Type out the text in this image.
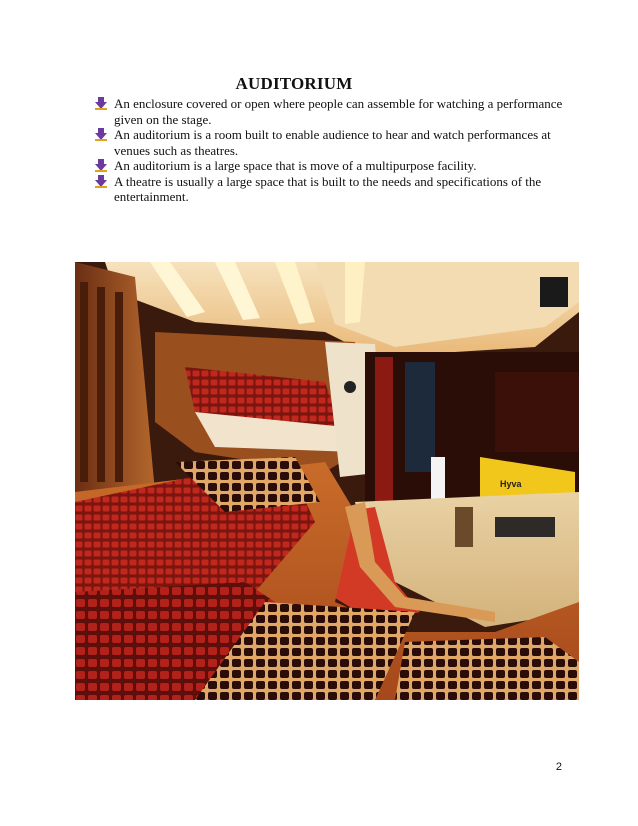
AUDITORIUM
An enclosure covered or open where people can assemble for watching a performance given on the stage.
An auditorium is a room built to enable audience to hear and watch performances at venues such as theatres.
An auditorium is a large space that is move of a multipurpose facility.
A theatre is usually a large space that is built to the needs and specifications of the entertainment.
Hyva
2
